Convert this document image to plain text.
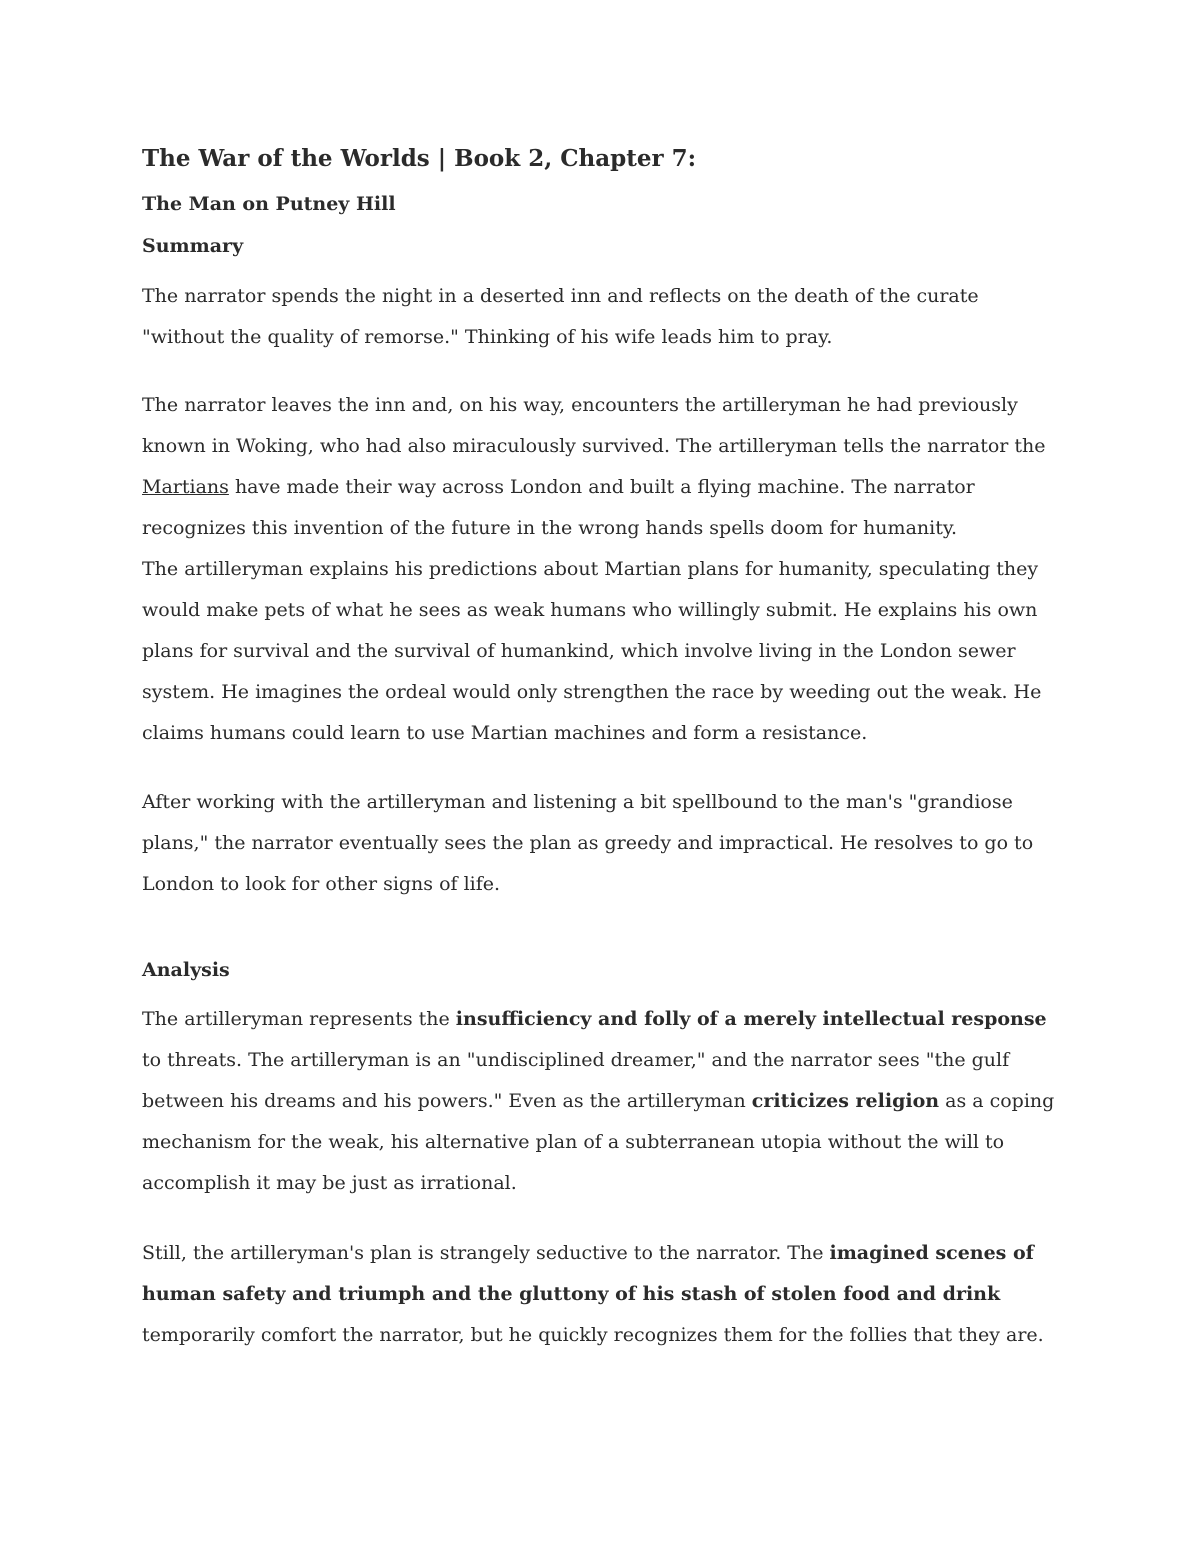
The War of the Worlds | Book 2, Chapter 7:
The Man on Putney Hill
Summary
The narrator spends the night in a deserted inn and reflects on the death of the curate "without the quality of remorse." Thinking of his wife leads him to pray.
The narrator leaves the inn and, on his way, encounters the artilleryman he had previously known in Woking, who had also miraculously survived. The artilleryman tells the narrator the Martians have made their way across London and built a flying machine. The narrator recognizes this invention of the future in the wrong hands spells doom for humanity.
The artilleryman explains his predictions about Martian plans for humanity, speculating they would make pets of what he sees as weak humans who willingly submit. He explains his own plans for survival and the survival of humankind, which involve living in the London sewer system. He imagines the ordeal would only strengthen the race by weeding out the weak. He claims humans could learn to use Martian machines and form a resistance.
After working with the artilleryman and listening a bit spellbound to the man's "grandiose plans," the narrator eventually sees the plan as greedy and impractical. He resolves to go to London to look for other signs of life.
Analysis
The artilleryman represents the insufficiency and folly of a merely intellectual response to threats. The artilleryman is an "undisciplined dreamer," and the narrator sees "the gulf between his dreams and his powers." Even as the artilleryman criticizes religion as a coping mechanism for the weak, his alternative plan of a subterranean utopia without the will to accomplish it may be just as irrational.
Still, the artilleryman's plan is strangely seductive to the narrator. The imagined scenes of human safety and triumph and the gluttony of his stash of stolen food and drink temporarily comfort the narrator, but he quickly recognizes them for the follies that they are.
